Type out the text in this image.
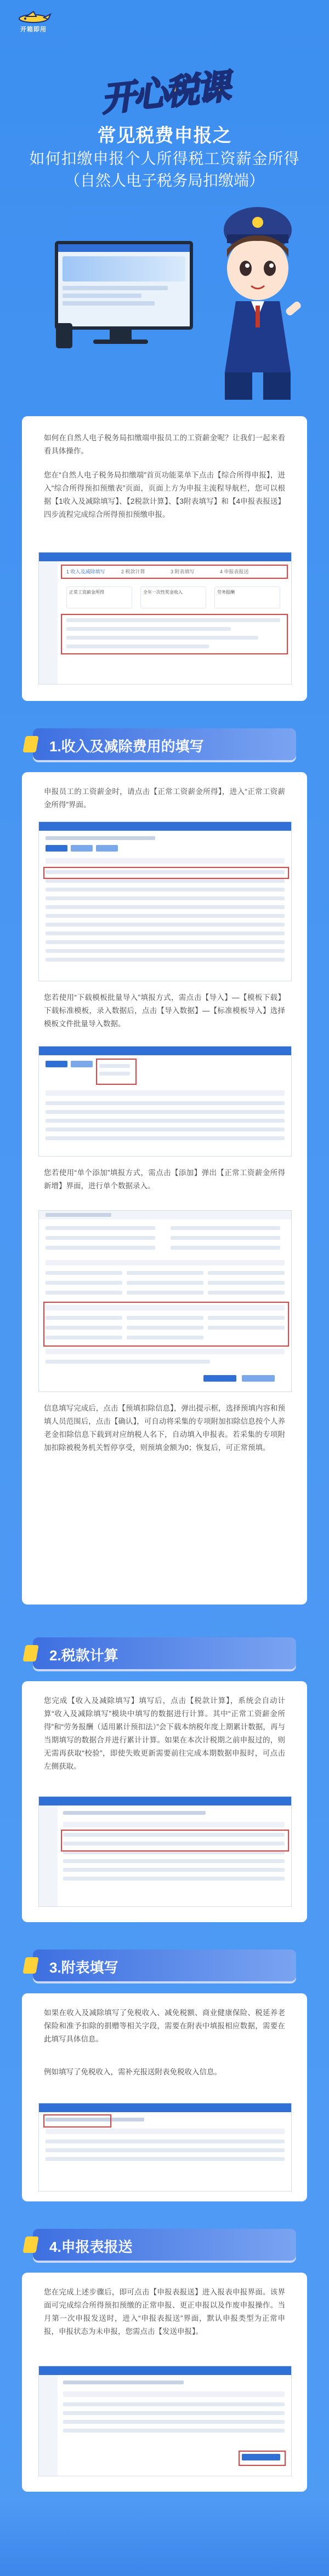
开箱即用
开心税课
常见税费申报之
如何扣缴申报个人所得税工资薪金所得
（自然人电子税务局扣缴端）
如何在自然人电子税务局扣缴端申报员工的工资薪金呢？让我们一起来看看具体操作。
您在“自然人电子税务局扣缴端”首页功能菜单下点击【综合所得申报】，进入“综合所得预扣预缴表”页面，页面上方为申报主流程导航栏，您可以根据【1收入及减除填写】、【2税款计算】、【3附表填写】和【4申报表报送】四步流程完成综合所得预扣预缴申报。
1 收入及减除填写	2 税款计算	3 附表填写	4 申报表报送
正常工资薪金所得	全年一次性奖金收入	劳务报酬
1.收入及减除费用的填写
申报员工的工资薪金时，请点击【正常工资薪金所得】，进入“正常工资薪金所得”界面。
您若使用“下载模板批量导入”填报方式，需点击【导入】—【模板下载】下载标准模板，录入数据后，点击【导入数据】—【标准模板导入】选择模板文件批量导入数据。
您若使用“单个添加”填报方式，需点击【添加】弹出【正常工资薪金所得新增】界面，进行单个数据录入。
信息填写完成后，点击【预填扣除信息】，弹出提示框，选择预填内容和预填人员范围后，点击【确认】，可自动将采集的专项附加扣除信息按个人养老金扣除信息下载到对应纳税人名下，自动填入申报表。若采集的专项附加扣除被税务机关暂停享受，则预填金额为0；恢复后，可正常预填。
2.税款计算
您完成【收入及减除填写】填写后，点击【税款计算】，系统会自动计算“收入及减除填写”模块中填写的数据进行计算。其中“正常工资薪金所得”和“劳务报酬（适用累计预扣法）”会下载本纳税年度上期累计数据，再与当期填写的数据合并进行累计计算。如果在本次计税期之前申报过的，则无需再获取“校验”，即使失败更新需要前往完成本期数据申报时，可点击左侧获取。
3.附表填写
如果在收入及减除填写了免税收入、减免税额、商业健康保险、税延养老保险和准予扣除的捐赠等相关字段，需要在附表中填报相应数据，需要在此填写具体信息。
例如填写了免税收入，需补充报送附表免税收入信息。
4.申报表报送
您在完成上述步骤后，即可点击【申报表报送】进入报表申报界面。该界面可完成综合所得预扣预缴的正常申报、更正申报以及作废申报操作。当月第一次申报发送时，进入“申报表报送”界面，默认申报类型为正常申报，申报状态为未申报，您需点击【发送申报】。
